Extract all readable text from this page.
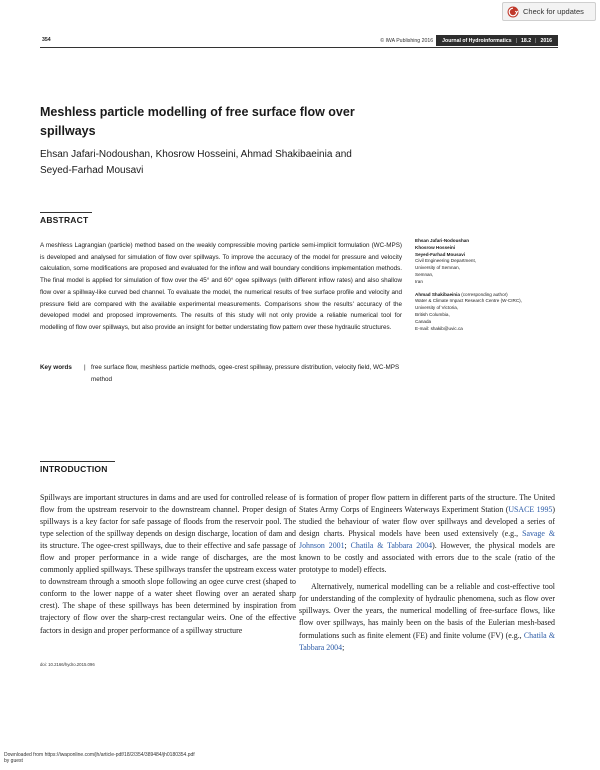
Check for updates
354	© IWA Publishing 2016	Journal of Hydroinformatics | 18.2 | 2016
Meshless particle modelling of free surface flow over spillways

Ehsan Jafari-Nodoushan, Khosrow Hosseini, Ahmad Shakibaeinia and Seyed-Farhad Mousavi

ABSTRACT

A meshless Lagrangian (particle) method based on the weakly compressible moving particle semi-implicit formulation (WC-MPS) is developed and analysed for simulation of flow over spillways. To improve the accuracy of the model for pressure and velocity calculation, some modifications are proposed and evaluated for the inflow and wall boundary conditions implementation methods. The final model is applied for simulation of flow over the 45° and 60° ogee spillways (with different inflow rates) and also shallow flow over a spillway-like curved bed channel. To evaluate the model, the numerical results of free surface profile and velocity and pressure field are compared with the available experimental measurements. Comparisons show the results' accuracy of the developed model and proposed improvements. The results of this study will not only provide a reliable numerical tool for modelling of flow over spillways, but also provide an insight for better understating flow pattern over these hydraulic structures.

Key words	| free surface flow, meshless particle methods, ogee-crest spillway, pressure distribution, velocity field, WC-MPS method
Ehsan Jafari-Nodoushan
Khosrow Hosseini
Seyed-Farhad Mousavi
Civil Engineering Department,
University of Semnan,
Semnan,
Iran
Ahmad Shakibaeinia (corresponding author)
Water & Climate Impact Research Centre (W-CIRC),
University of Victoria,
British Columbia,
Canada
E-mail: shakib@uvic.ca
INTRODUCTION

Spillways are important structures in dams and are used for controlled release of flow from the upstream reservoir to the downstream channel. Proper design of spillways is a key factor for safe passage of floods from the reservoir pool. The type selection of the spillway depends on design discharge, location of dam and its structure. The ogee-crest spillways, due to their effective and safe passage of flow and proper performance in a wide range of discharges, are the most commonly applied spillways. These spillways transfer the upstream excess water to downstream through a smooth slope following an ogee curve crest (shaped to conform to the lower nappe of a water sheet flowing over an aerated sharp crest). The shape of these spillways has been determined by inspiration from trajectory of flow over the sharp-crest rectangular weirs. One of the effective factors in design and proper performance of a spillway structure

is formation of proper flow pattern in different parts of the structure. The United States Army Corps of Engineers Waterways Experiment Station (USACE 1995) studied the behaviour of water flow over spillways and developed a series of design charts. Physical models have been used extensively (e.g., Savage & Johnson 2001; Chatila & Tabbara 2004). However, the physical models are known to be costly and associated with errors due to the scale (ratio of the prototype to model) effects.

Alternatively, numerical modelling can be a reliable and cost-effective tool for understanding of the complexity of hydraulic phenomena, such as flow over spillways. Over the years, the numerical modelling of free-surface flows, like flow over spillways, has mainly been on the basis of the Eulerian mesh-based formulations such as finite element (FE) and finite volume (FV) (e.g., Chatila & Tabbara 2004;

doi: 10.2166/hydro.2015.096
Downloaded from https://iwaponline.com/jh/article-pdf/18/2/354/389484/jh0180354.pdf
by guest
